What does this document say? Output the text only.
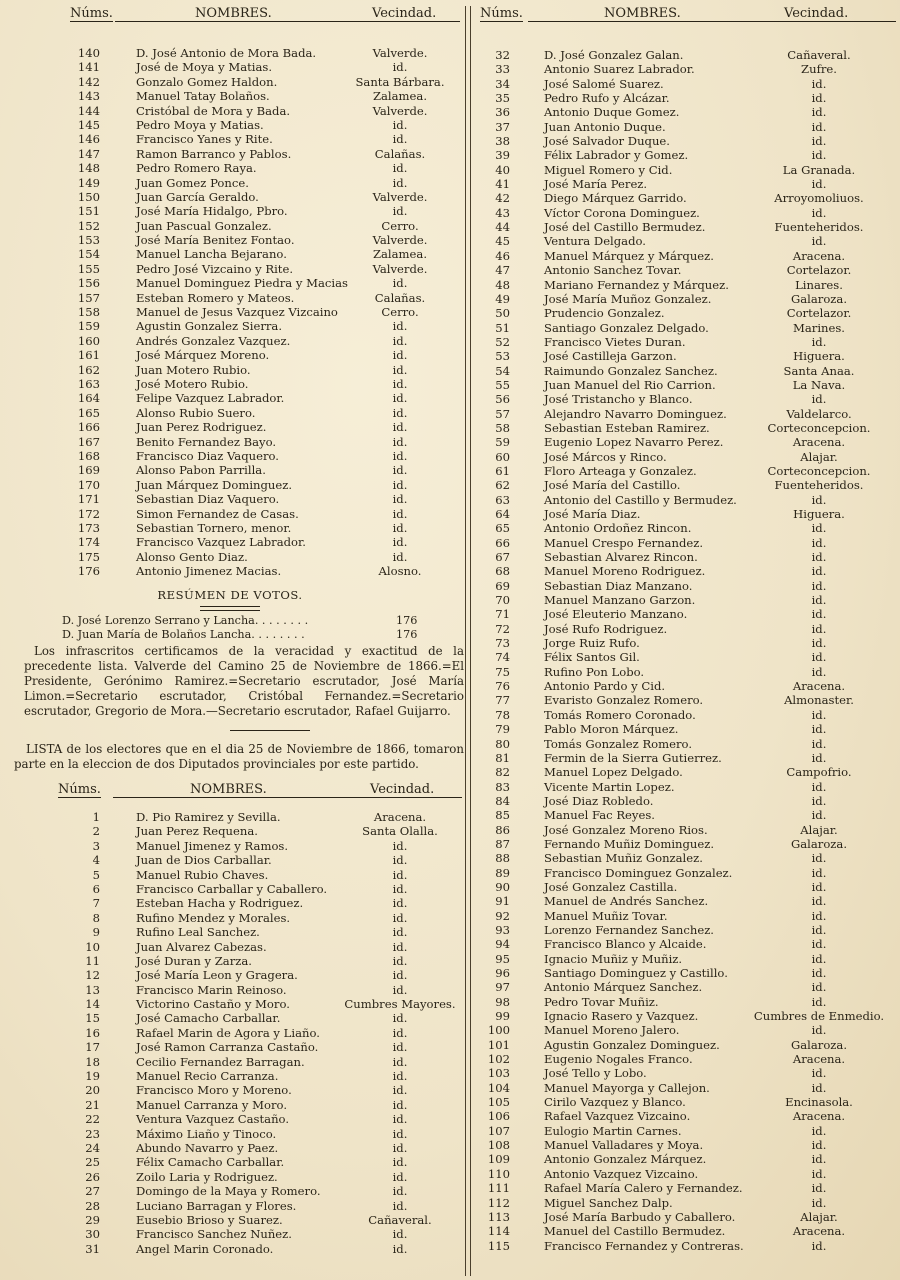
Núms.	NOMBRES.	Vecindad.
140	D. José Antonio de Mora Bada.	Valverde.
141	José de Moya y Matias.	id.
142	Gonzalo Gomez Haldon.	Santa Bárbara.
143	Manuel Tatay Bolaños.	Zalamea.
144	Cristóbal de Mora y Bada.	Valverde.
145	Pedro Moya y Matias.	id.
146	Francisco Yanes y Rite.	id.
147	Ramon Barranco y Pablos.	Calañas.
148	Pedro Romero Raya.	id.
149	Juan Gomez Ponce.	id.
150	Juan García Geraldo.	Valverde.
151	José María Hidalgo, Pbro.	id.
152	Juan Pascual Gonzalez.	Cerro.
153	José María Benitez Fontao.	Valverde.
154	Manuel Lancha Bejarano.	Zalamea.
155	Pedro José Vizcaino y Rite.	Valverde.
156	Manuel Dominguez Piedra y Macias	id.
157	Esteban Romero y Mateos.	Calañas.
158	Manuel de Jesus Vazquez Vizcaino	Cerro.
159	Agustin Gonzalez Sierra.	id.
160	Andrés Gonzalez Vazquez.	id.
161	José Márquez Moreno.	id.
162	Juan Motero Rubio.	id.
163	José Motero Rubio.	id.
164	Felipe Vazquez Labrador.	id.
165	Alonso Rubio Suero.	id.
166	Juan Perez Rodriguez.	id.
167	Benito Fernandez Bayo.	id.
168	Francisco Diaz Vaquero.	id.
169	Alonso Pabon Parrilla.	id.
170	Juan Márquez Dominguez.	id.
171	Sebastian Diaz Vaquero.	id.
172	Simon Fernandez de Casas.	id.
173	Sebastian Tornero, menor.	id.
174	Francisco Vazquez Labrador.	id.
175	Alonso Gento Diaz.	id.
176	Antonio Jimenez Macias.	Alosno.
Núms.	NOMBRES.	Vecindad.
1	D. Pio Ramirez y Sevilla.	Aracena.
2	Juan Perez Requena.	Santa Olalla.
3	Manuel Jimenez y Ramos.	id.
4	Juan de Dios Carballar.	id.
5	Manuel Rubio Chaves.	id.
6	Francisco Carballar y Caballero.	id.
7	Esteban Hacha y Rodriguez.	id.
8	Rufino Mendez y Morales.	id.
9	Rufino Leal Sanchez.	id.
10	Juan Alvarez Cabezas.	id.
11	José Duran y Zarza.	id.
12	José María Leon y Gragera.	id.
13	Francisco Marin Reinoso.	id.
14	Victorino Castaño y Moro.	Cumbres Mayores.
15	José Camacho Carballar.	id.
16	Rafael Marin de Agora y Liaño.	id.
17	José Ramon Carranza Castaño.	id.
18	Cecilio Fernandez Barragan.	id.
19	Manuel Recio Carranza.	id.
20	Francisco Moro y Moreno.	id.
21	Manuel Carranza y Moro.	id.
22	Ventura Vazquez Castaño.	id.
23	Máximo Liaño y Tinoco.	id.
24	Abundo Navarro y Paez.	id.
25	Félix Camacho Carballar.	id.
26	Zoilo Laria y Rodriguez.	id.
27	Domingo de la Maya y Romero.	id.
28	Luciano Barragan y Flores.	id.
29	Eusebio Brioso y Suarez.	Cañaveral.
30	Francisco Sanchez Nuñez.	id.
31	Angel Marin Coronado.	id.
RESÚMEN DE VOTOS.
D. José Lorenzo Serrano y Lancha. . . . . . . .	176
D. Juan María de Bolaños Lancha. . . . . . . .	176
Los infrascritos certificamos de la veracidad y exactitud de la precedente lista. Valverde del Camino 25 de Noviembre de 1866.=El Presidente, Gerónimo Ramirez.=Secretario escrutador, José María Limon.=Secretario escrutador, Cristóbal Fernandez.=Secretario escrutador, Gregorio de Mora.—Secretario escrutador, Rafael Guijarro.
LISTA de los electores que en el dia 25 de Noviembre de 1866, tomaron parte en la eleccion de dos Diputados provinciales por este partido.
Núms.	NOMBRES.	Vecindad.
32	D. José Gonzalez Galan.	Cañaveral.
33	Antonio Suarez Labrador.	Zufre.
34	José Salomé Suarez.	id.
35	Pedro Rufo y Alcázar.	id.
36	Antonio Duque Gomez.	id.
37	Juan Antonio Duque.	id.
38	José Salvador Duque.	id.
39	Félix Labrador y Gomez.	id.
40	Miguel Romero y Cid.	La Granada.
41	José María Perez.	id.
42	Diego Márquez Garrido.	Arroyomoliuos.
43	Víctor Corona Dominguez.	id.
44	José del Castillo Bermudez.	Fuenteheridos.
45	Ventura Delgado.	id.
46	Manuel Márquez y Márquez.	Aracena.
47	Antonio Sanchez Tovar.	Cortelazor.
48	Mariano Fernandez y Márquez.	Linares.
49	José María Muñoz Gonzalez.	Galaroza.
50	Prudencio Gonzalez.	Cortelazor.
51	Santiago Gonzalez Delgado.	Marines.
52	Francisco Vietes Duran.	id.
53	José Castilleja Garzon.	Higuera.
54	Raimundo Gonzalez Sanchez.	Santa Anaa.
55	Juan Manuel del Rio Carrion.	La Nava.
56	José Tristancho y Blanco.	id.
57	Alejandro Navarro Dominguez.	Valdelarco.
58	Sebastian Esteban Ramirez.	Corteconcepcion.
59	Eugenio Lopez Navarro Perez.	Aracena.
60	José Márcos y Rinco.	Alajar.
61	Floro Arteaga y Gonzalez.	Corteconcepcion.
62	José María del Castillo.	Fuenteheridos.
63	Antonio del Castillo y Bermudez.	id.
64	José María Diaz.	Higuera.
65	Antonio Ordoñez Rincon.	id.
66	Manuel Crespo Fernandez.	id.
67	Sebastian Alvarez Rincon.	id.
68	Manuel Moreno Rodriguez.	id.
69	Sebastian Diaz Manzano.	id.
70	Manuel Manzano Garzon.	id.
71	José Eleuterio Manzano.	id.
72	José Rufo Rodriguez.	id.
73	Jorge Ruiz Rufo.	id.
74	Félix Santos Gil.	id.
75	Rufino Pon Lobo.	id.
76	Antonio Pardo y Cid.	Aracena.
77	Evaristo Gonzalez Romero.	Almonaster.
78	Tomás Romero Coronado.	id.
79	Pablo Moron Márquez.	id.
80	Tomás Gonzalez Romero.	id.
81	Fermin de la Sierra Gutierrez.	id.
82	Manuel Lopez Delgado.	Campofrio.
83	Vicente Martin Lopez.	id.
84	José Diaz Robledo.	id.
85	Manuel Fac Reyes.	id.
86	José Gonzalez Moreno Rios.	Alajar.
87	Fernando Muñiz Dominguez.	Galaroza.
88	Sebastian Muñiz Gonzalez.	id.
89	Francisco Dominguez Gonzalez.	id.
90	José Gonzalez Castilla.	id.
91	Manuel de Andrés Sanchez.	id.
92	Manuel Muñiz Tovar.	id.
93	Lorenzo Fernandez Sanchez.	id.
94	Francisco Blanco y Alcaide.	id.
95	Ignacio Muñiz y Muñiz.	id.
96	Santiago Dominguez y Castillo.	id.
97	Antonio Márquez Sanchez.	id.
98	Pedro Tovar Muñiz.	id.
99	Ignacio Rasero y Vazquez.	Cumbres de Enmedio.
100	Manuel Moreno Jalero.	id.
101	Agustin Gonzalez Dominguez.	Galaroza.
102	Eugenio Nogales Franco.	Aracena.
103	José Tello y Lobo.	id.
104	Manuel Mayorga y Callejon.	id.
105	Cirilo Vazquez y Blanco.	Encinasola.
106	Rafael Vazquez Vizcaino.	Aracena.
107	Eulogio Martin Carnes.	id.
108	Manuel Valladares y Moya.	id.
109	Antonio Gonzalez Márquez.	id.
110	Antonio Vazquez Vizcaino.	id.
111	Rafael María Calero y Fernandez.	id.
112	Miguel Sanchez Dalp.	id.
113	José María Barbudo y Caballero.	Alajar.
114	Manuel del Castillo Bermudez.	Aracena.
115	Francisco Fernandez y Contreras.	id.
